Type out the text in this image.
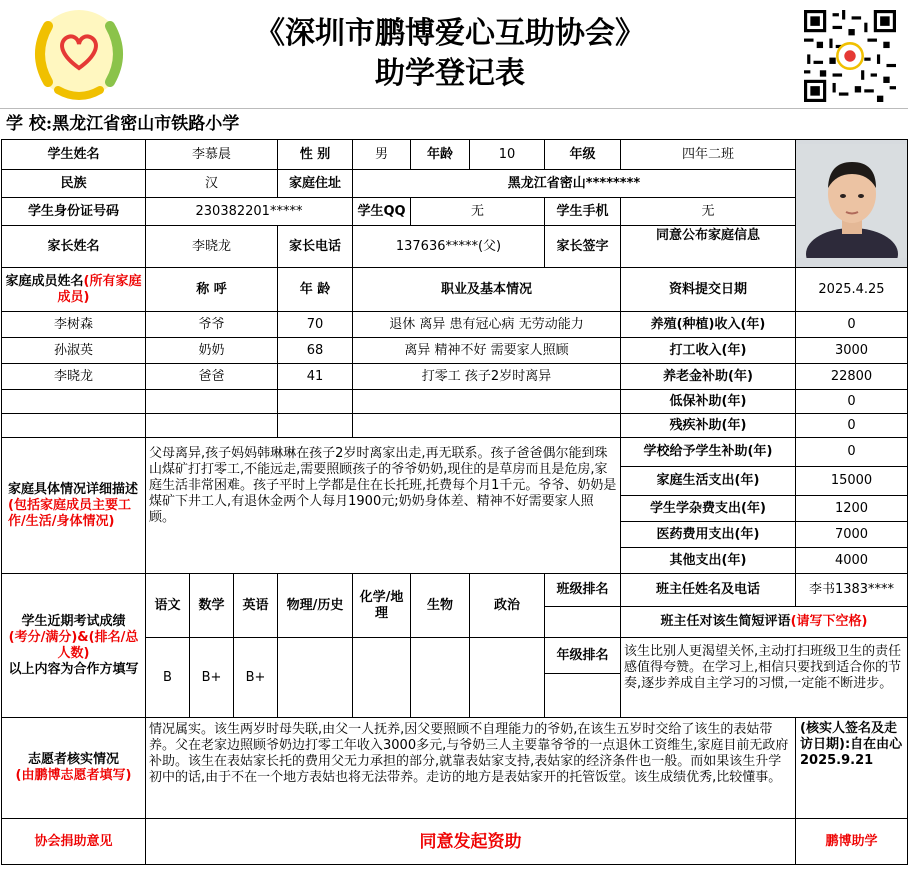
《深圳市鹏博爱心互助协会》
助学登记表
学 校:黑龙江省密山市铁路小学
学生姓名	李慕晨			性 别	男	年龄	10	年级	四年二班	
民族	汉			家庭住址	黑龙江省密山********					
学生身份证号码	230382201*****				学生QQ	无		学生手机	无	
家长姓名	李晓龙			家长电话	137636*****(父)			家长签字	同意公布家庭信息	
家庭成员姓名(所有家庭成员)	称 呼			年 龄	职业及基本情况				资料提交日期	2025.4.25
李树森	爷爷			70	退休 离异 患有冠心病 无劳动能力				养殖(种植)收入(年)	0
孙淑英	奶奶			68	离异 精神不好 需要家人照顾				打工收入(年)	3000
李晓龙	爸爸			41	打零工 孩子2岁时离异				养老金补助(年)	22800
									低保补助(年)	0
									残疾补助(年)	0
家庭具体情况详细描述(包括家庭成员主要工作/生活/身体情况)	父母离异,孩子妈妈韩琳琳在孩子2岁时离家出走,再无联系。孩子爸爸偶尔能到珠山煤矿打打零工,不能远走,需要照顾孩子的爷爷奶奶,现住的是草房而且是危房,家庭生活非常困难。孩子平时上学都是住在长托班,托费每个月1千元。爷爷、奶奶是煤矿下井工人,有退休金两个人每月1900元;奶奶身体差、精神不好需要家人照顾。								学校给予学生补助(年)	0
									家庭生活支出(年)	15000
									学生学杂费支出(年)	1200
									医药费用支出(年)	7000
									其他支出(年)	4000

学生近期考试成绩
(考分/满分)&(排名/总人数)
以上内容为合作方填写	语文	数学	英语	物理/历史	化学/地理	生物	政治	班级排名	班主任姓名及电话	李书1383****
									班主任对该生简短评语(请写下空格)	
	B	B+	B+					年级排名	该生比别人更渴望关怀,主动打扫班级卫生的责任感值得夸赞。在学习上,相信只要找到适合你的节奏,逐步养成自主学习的习惯,一定能不断进步。	

志愿者核实情况
(由鹏博志愿者填写)	情况属实。该生两岁时母失联,由父一人抚养,因父要照顾不自理能力的爷奶,在该生五岁时交给了该生的表姑带养。父在老家边照顾爷奶边打零工年收入3000多元,与爷奶三人主要靠爷爷的一点退休工资维生,家庭目前无政府补助。该生在表姑家长托的费用父无力承担的部分,就靠表姑家支持,表姑家的经济条件也一般。而如果该生升学初中的话,由于不在一个地方表姑也将无法带养。走访的地方是表姑家开的托管饭堂。该生成绩优秀,比较懂事。									(核实人签名及走访日期):自在由心 2025.9.21
协会捐助意见	同意发起资助									鹏博助学
